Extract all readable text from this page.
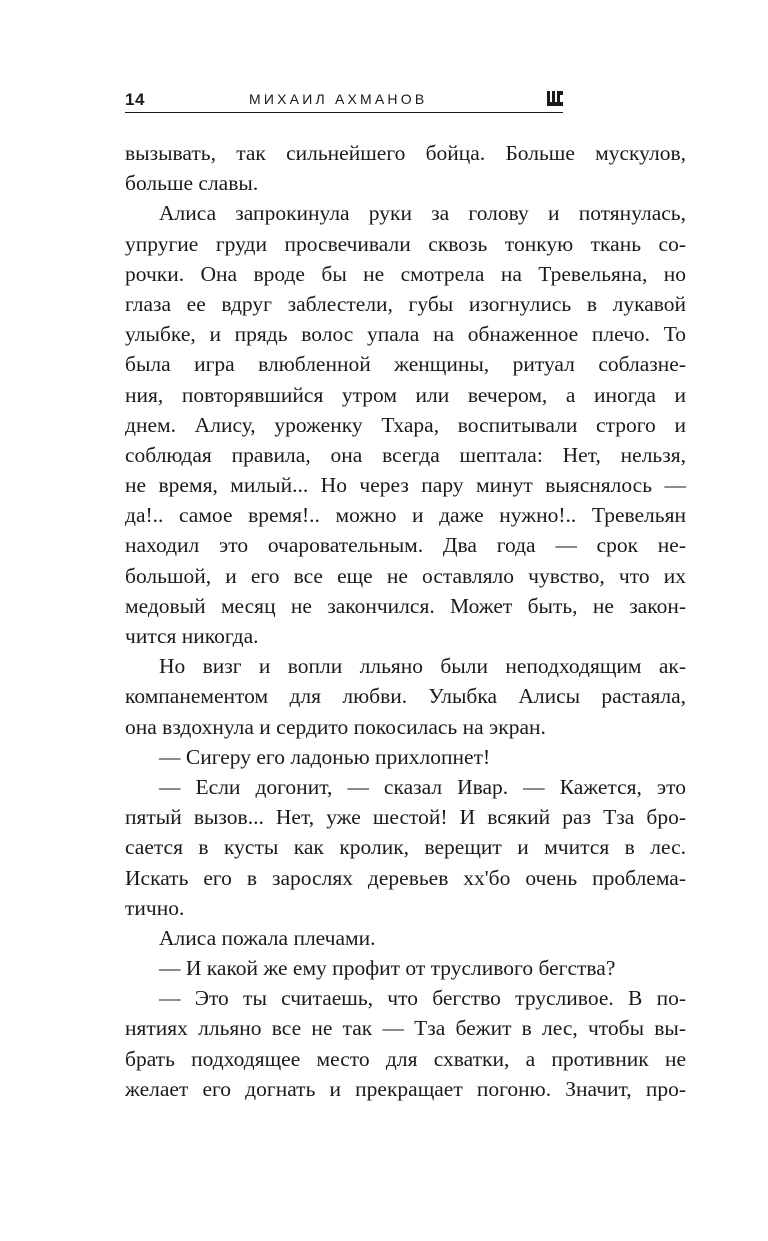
14	МИХАИЛ АХМАНОВ
вызывать, так сильнейшего бойца. Больше мускулов,
больше славы.
Алиса запрокинула руки за голову и потянулась,
упругие груди просвечивали сквозь тонкую ткань со-
рочки. Она вроде бы не смотрела на Тревельяна, но
глаза ее вдруг заблестели, губы изогнулись в лукавой
улыбке, и прядь волос упала на обнаженное плечо. То
была игра влюбленной женщины, ритуал соблазне-
ния, повторявшийся утром или вечером, а иногда и
днем. Алису, уроженку Тхара, воспитывали строго и
соблюдая правила, она всегда шептала: Нет, нельзя,
не время, милый... Но через пару минут выяснялось —
да!.. самое время!.. можно и даже нужно!.. Тревельян
находил это очаровательным. Два года — срок не-
большой, и его все еще не оставляло чувство, что их
медовый месяц не закончился. Может быть, не закон-
чится никогда.
Но визг и вопли лльяно были неподходящим ак-
компанементом для любви. Улыбка Алисы растаяла,
она вздохнула и сердито покосилась на экран.
— Сигеру его ладонью прихлопнет!
— Если догонит, — сказал Ивар. — Кажется, это
пятый вызов... Нет, уже шестой! И всякий раз Тза бро-
сается в кусты как кролик, верещит и мчится в лес.
Искать его в зарослях деревьев хх'бо очень проблема-
тично.
Алиса пожала плечами.
— И какой же ему профит от трусливого бегства?
— Это ты считаешь, что бегство трусливое. В по-
нятиях лльяно все не так — Тза бежит в лес, чтобы вы-
брать подходящее место для схватки, а противник не
желает его догнать и прекращает погоню. Значит, про-
